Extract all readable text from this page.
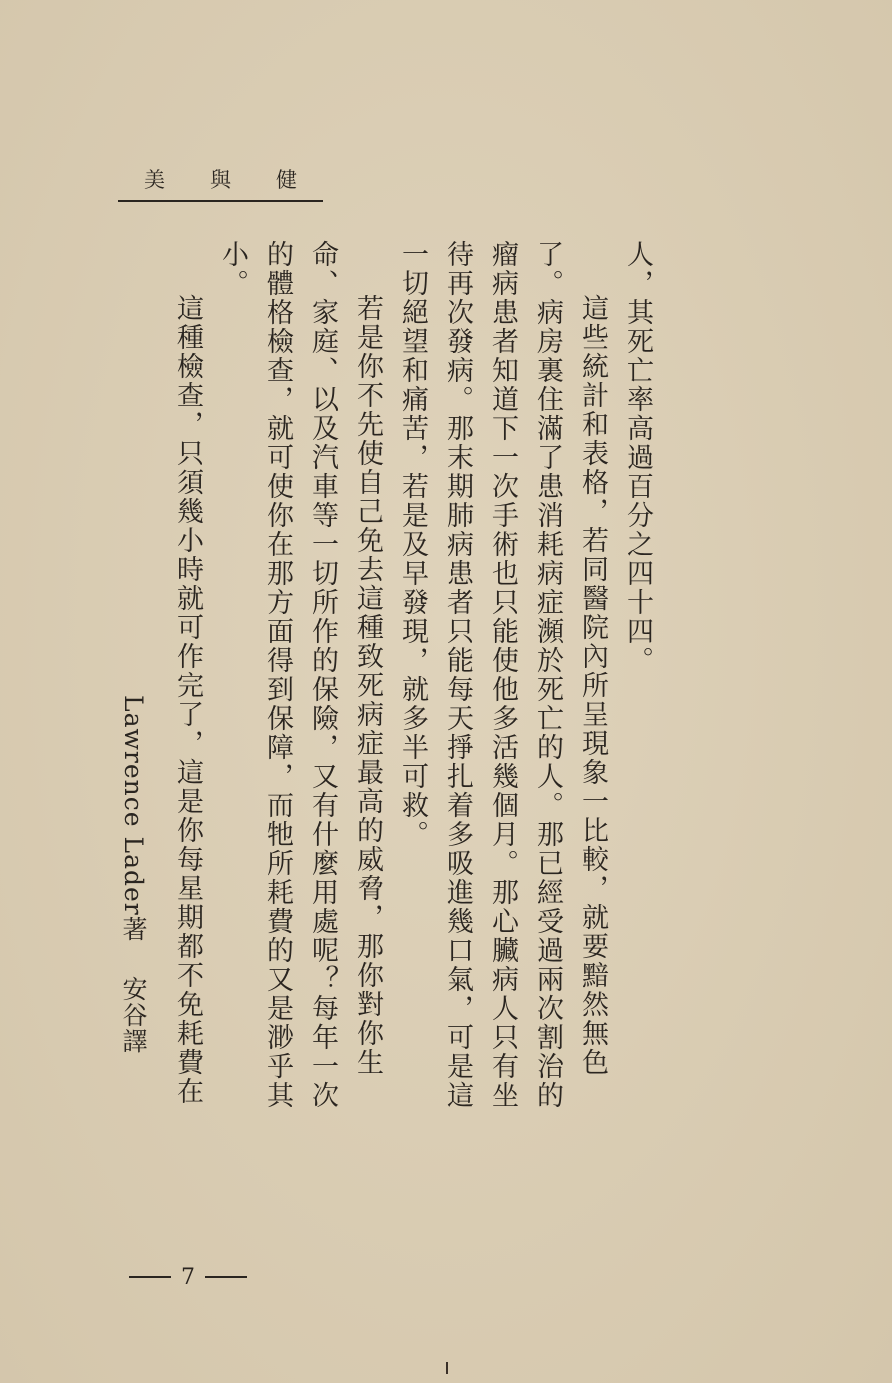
美 與 健

人，其死亡率高過百分之四十四。

這些統計和表格，若同醫院內所呈現象一比較，就要黯然無色了。病房裏住滿了患消耗病症瀕於死亡的人。那已經受過兩次割治的瘤病患者知道下一次手術也只能使他多活幾個月。那心臟病人只有坐待再次發病。那末期肺病患者只能每天掙扎着多吸進幾口氣，可是這一切絕望和痛苦，若是及早發現，就多半可救。

若是你不先使自己免去這種致死病症最高的威脅，那你對你生命、家庭、以及汽車等一切所作的保險，又有什麼用處呢？每年一次的體格檢查，就可使你在那方面得到保障，而牠所耗費的又是渺乎其小。

這種檢查，只須幾小時就可作完了，這是你每星期都不免耗費在

Lawrence Lader著安谷譯
7
